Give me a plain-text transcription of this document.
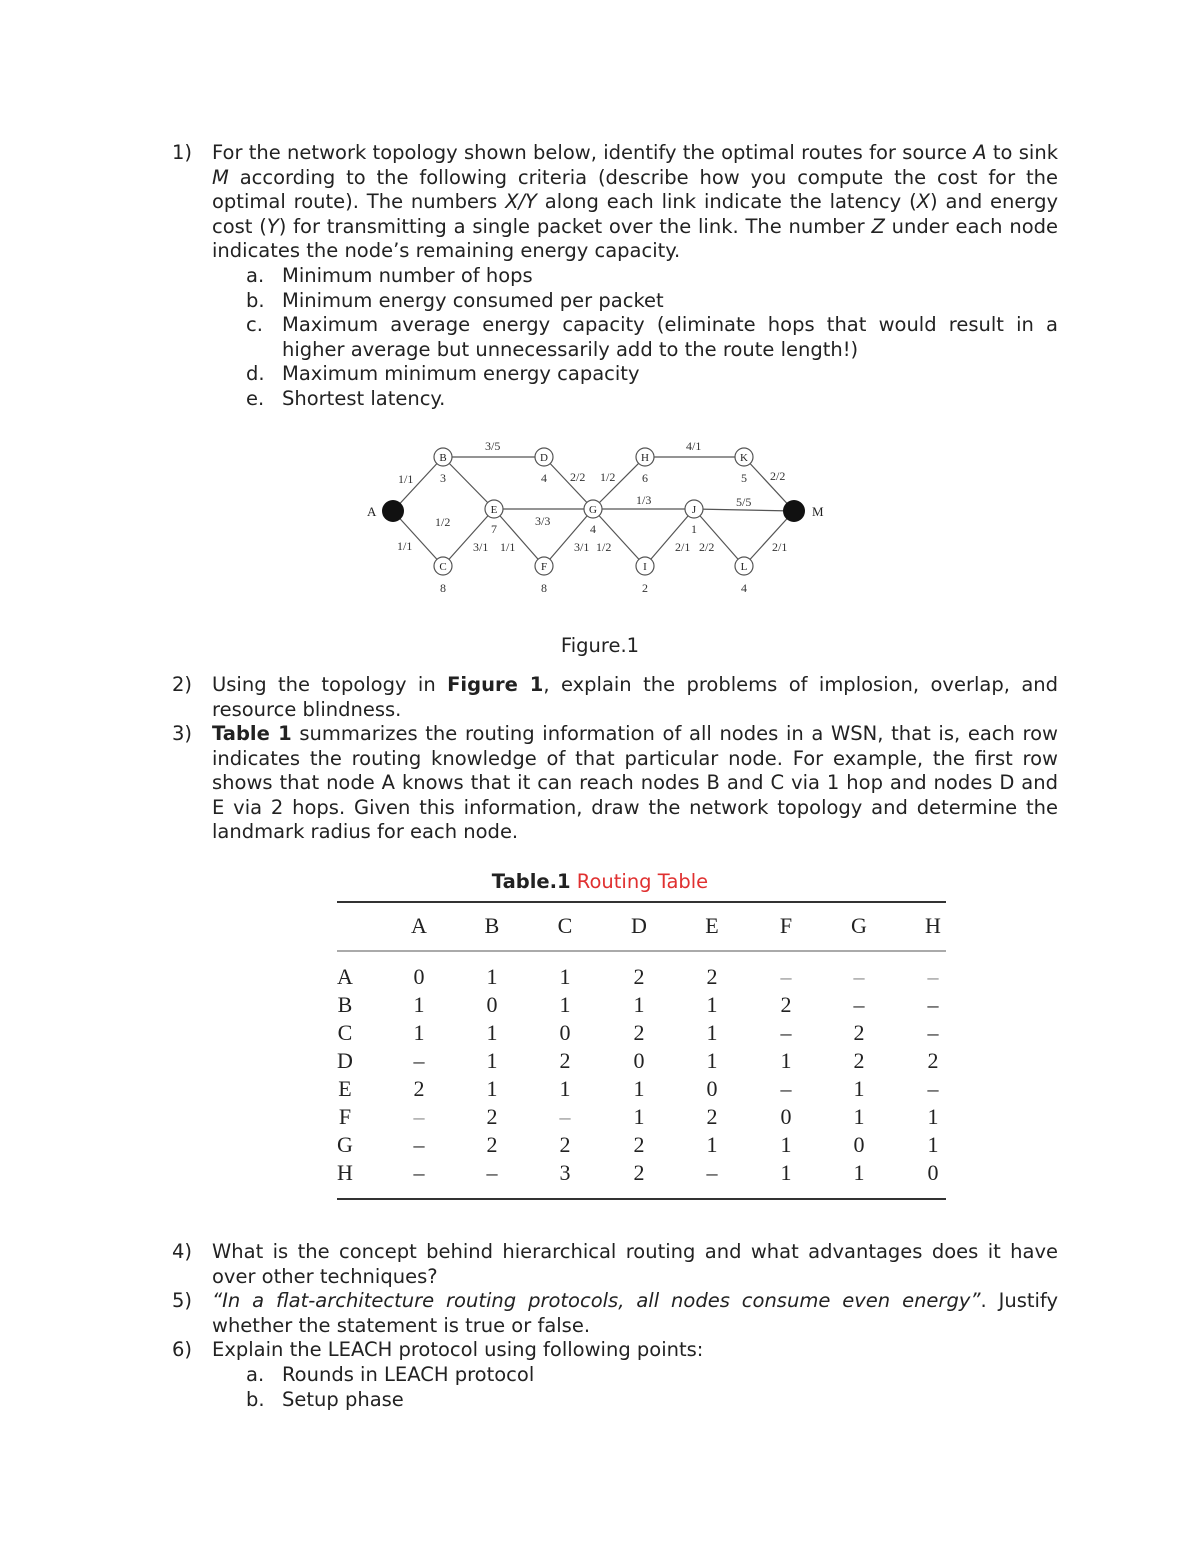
1) For the network topology shown below, identify the optimal routes for source A to sink M according to the following criteria (describe how you compute the cost for the optimal route). The numbers X/Y along each link indicate the latency (X) and energy cost (Y) for transmitting a single packet over the link. The number Z under each node indicates the node’s remaining energy capacity.
a. Minimum number of hops
b. Minimum energy consumed per packet
c. Maximum average energy capacity (eliminate hops that would result in a higher average but unnecessarily add to the route length!)
d. Maximum minimum energy capacity
e. Shortest latency.
1/1
1/1
3/5
1/2
3/1 1/1
3/3
2/2
3/1
1/2
1/3
1/2
4/1
2/1 2/2
5/5
2/2
2/1
A	M
B
C
D
E
F
G
H
I
J
K
L
3
8
4
7
8
4
6
2
1
5
4
Figure.1
2) Using the topology in Figure 1, explain the problems of implosion, overlap, and resource blindness.
3) Table 1 summarizes the routing information of all nodes in a WSN, that is, each row indicates the routing knowledge of that particular node. For example, the first row shows that node A knows that it can reach nodes B and C via 1 hop and nodes D and E via 2 hops. Given this information, draw the network topology and determine the landmark radius for each node.
Table.1 Routing Table
A	B	C	D	E	F	G	H
A	0	1	1	2	2	–	–	–
B	1	0	1	1	1	2	–	–
C	1	1	0	2	1	–	2	–
D	–	1	2	0	1	1	2	2
E	2	1	1	1	0	–	1	–
F	–	2	–	1	2	0	1	1
G	–	2	2	2	1	1	0	1
H	–	–	3	2	–	1	1	0
4) What is the concept behind hierarchical routing and what advantages does it have over other techniques?
5) “In a flat-architecture routing protocols, all nodes consume even energy”. Justify whether the statement is true or false.
6) Explain the LEACH protocol using following points:
a. Rounds in LEACH protocol
b. Setup phase
